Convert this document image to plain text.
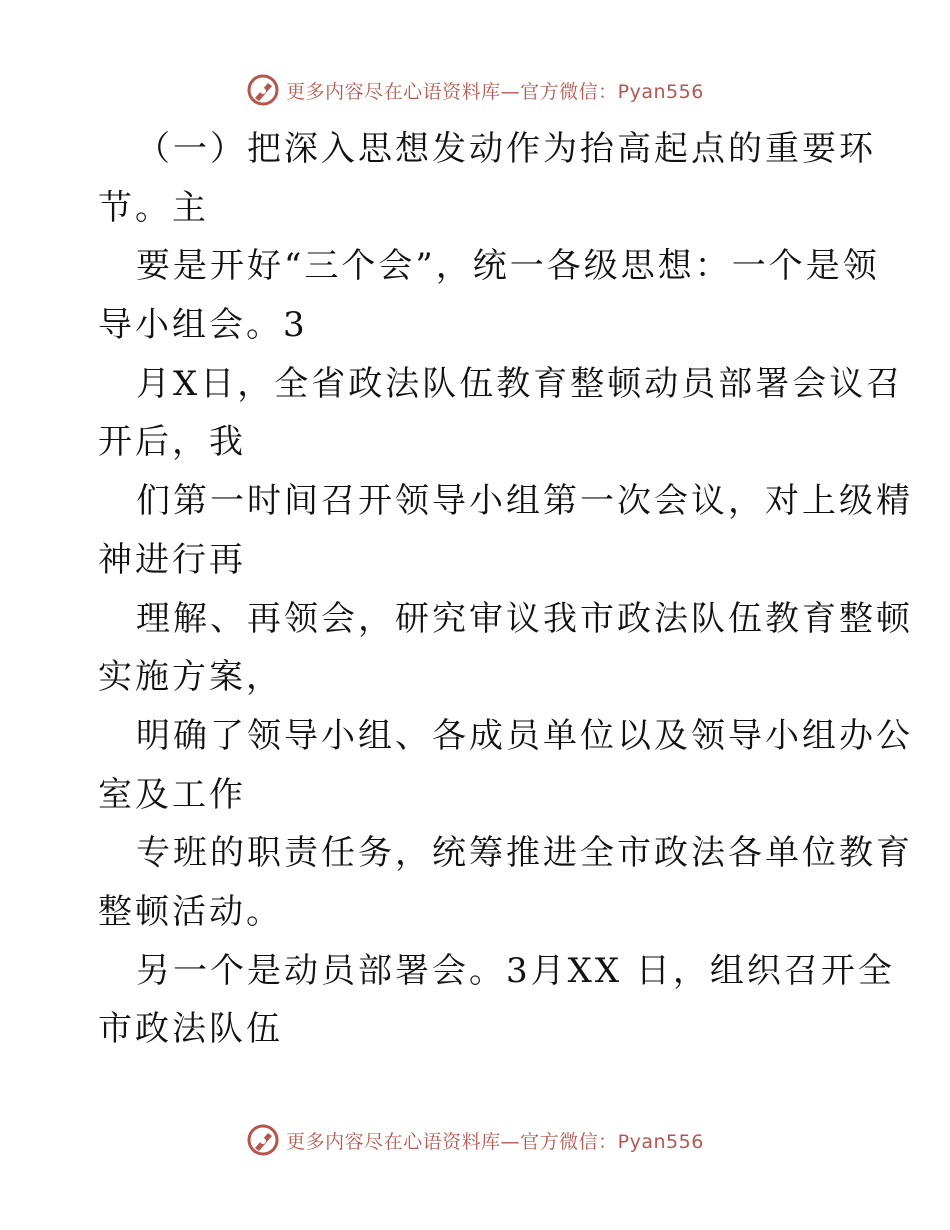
更多内容尽在心语资料库—官方微信：Pyan556
（一）把深入思想发动作为抬高起点的重要环
节。主
要是开好“三个会”，统一各级思想：一个是领
导小组会。3
月X日，全省政法队伍教育整顿动员部署会议召
开后，我
们第一时间召开领导小组第一次会议，对上级精
神进行再
理解、再领会，研究审议我市政法队伍教育整顿
实施方案，
明确了领导小组、各成员单位以及领导小组办公
室及工作
专班的职责任务，统筹推进全市政法各单位教育
整顿活动。
另一个是动员部署会。3月XX 日，组织召开全
市政法队伍
更多内容尽在心语资料库—官方微信：Pyan556
